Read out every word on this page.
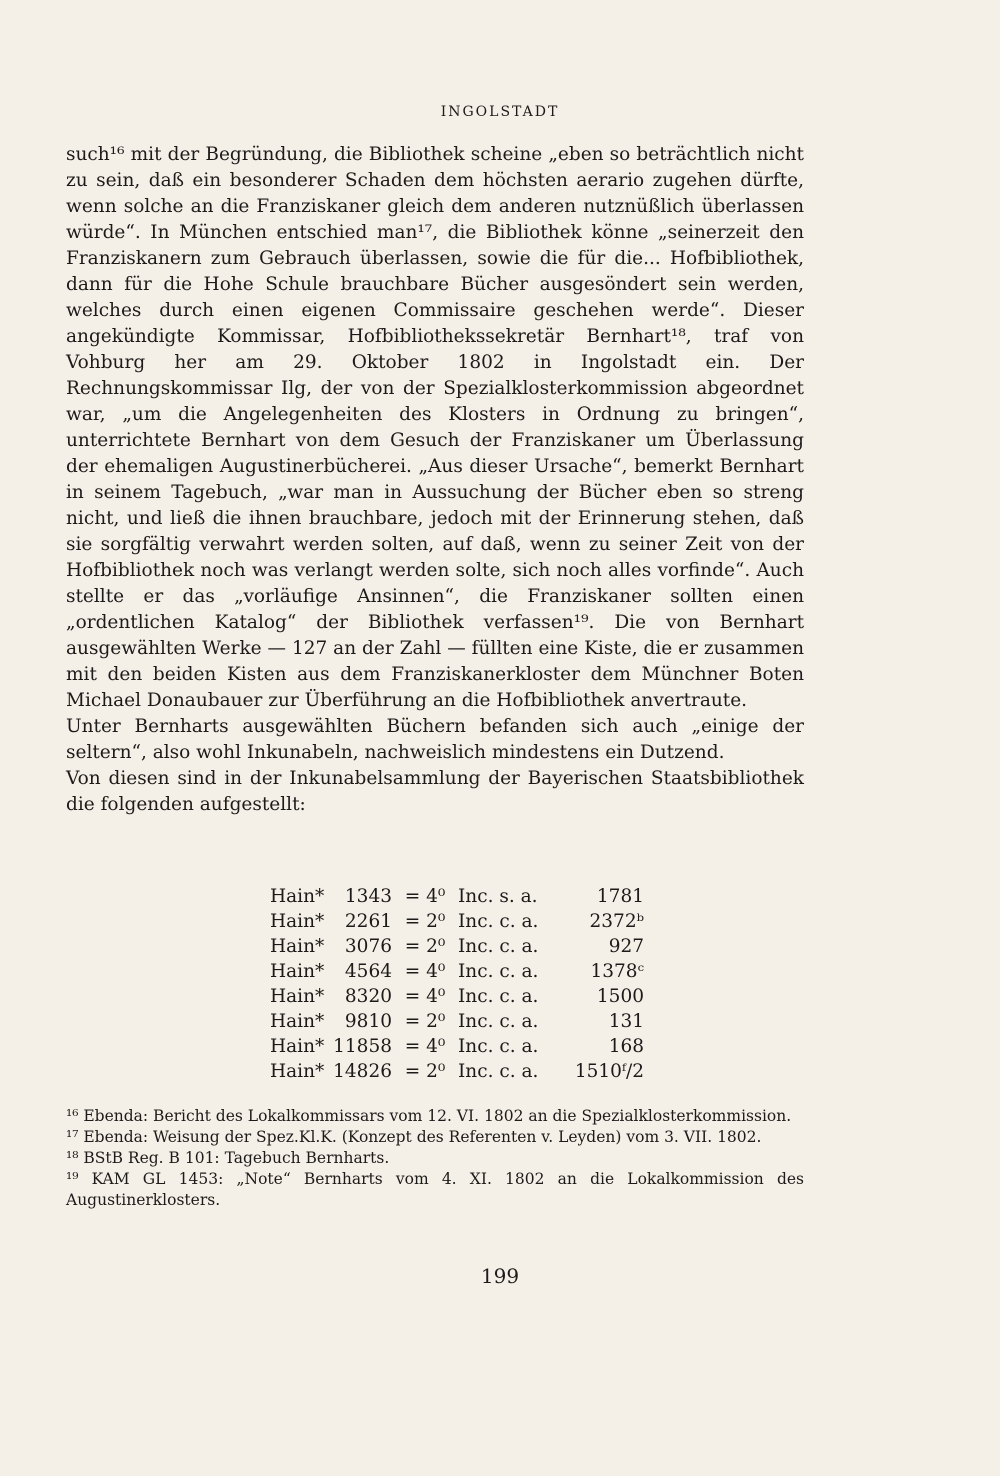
INGOLSTADT

such¹⁶ mit der Begründung, die Bibliothek scheine „eben so beträchtlich nicht zu sein, daß ein besonderer Schaden dem höchsten aerario zugehen dürfte, wenn solche an die Franziskaner gleich dem anderen nutznüßlich überlassen würde“. In München entschied man¹⁷, die Bibliothek könne „seinerzeit den Franziskanern zum Gebrauch überlassen, sowie die für die... Hofbibliothek, dann für die Hohe Schule brauchbare Bücher ausgesöndert sein werden, welches durch einen eigenen Commissaire geschehen werde“. Dieser angekündigte Kommissar, Hofbibliothekssekretär Bernhart¹⁸, traf von Vohburg her am 29. Oktober 1802 in Ingolstadt ein. Der Rechnungskommissar Ilg, der von der Spezialklosterkommission abgeordnet war, „um die Angelegenheiten des Klosters in Ordnung zu bringen“, unterrichtete Bernhart von dem Gesuch der Franziskaner um Überlassung der ehemaligen Augustinerbücherei. „Aus dieser Ursache“, bemerkt Bernhart in seinem Tagebuch, „war man in Aussuchung der Bücher eben so streng nicht, und ließ die ihnen brauchbare, jedoch mit der Erinnerung stehen, daß sie sorgfältig verwahrt werden solten, auf daß, wenn zu seiner Zeit von der Hofbibliothek noch was verlangt werden solte, sich noch alles vorfinde“. Auch stellte er das „vorläufige Ansinnen“, die Franziskaner sollten einen „ordentlichen Katalog“ der Bibliothek verfassen¹⁹. Die von Bernhart ausgewählten Werke — 127 an der Zahl — füllten eine Kiste, die er zusammen mit den beiden Kisten aus dem Franziskanerkloster dem Münchner Boten Michael Donaubauer zur Überführung an die Hofbibliothek anvertraute.

Unter Bernharts ausgewählten Büchern befanden sich auch „einige der seltern“, also wohl Inkunabeln, nachweislich mindestens ein Dutzend.

Von diesen sind in der Inkunabelsammlung der Bayerischen Staatsbibliothek die folgenden aufgestellt:

Hain*	1343 = 4⁰ Inc. s. a.	1781
Hain*	2261 = 2⁰ Inc. c. a.	2372ᵇ
Hain*	3076 = 2⁰ Inc. c. a.	927
Hain*	4564 = 4⁰ Inc. c. a.	1378ᶜ
Hain*	8320 = 4⁰ Inc. c. a.	1500
Hain*	9810 = 2⁰ Inc. c. a.	131
Hain* 11858 = 4⁰ Inc. c. a.	168
Hain* 14826 = 2⁰ Inc. c. a.	1510ᶠ/2

¹⁶ Ebenda: Bericht des Lokalkommissars vom 12. VI. 1802 an die Spezialklosterkommission.

¹⁷ Ebenda: Weisung der Spez.Kl.K. (Konzept des Referenten v. Leyden) vom 3. VII. 1802.

¹⁸ BStB Reg. B 101: Tagebuch Bernharts.

¹⁹ KAM GL 1453: „Note“ Bernharts vom 4. XI. 1802 an die Lokalkommission des Augustinerklosters.

199
